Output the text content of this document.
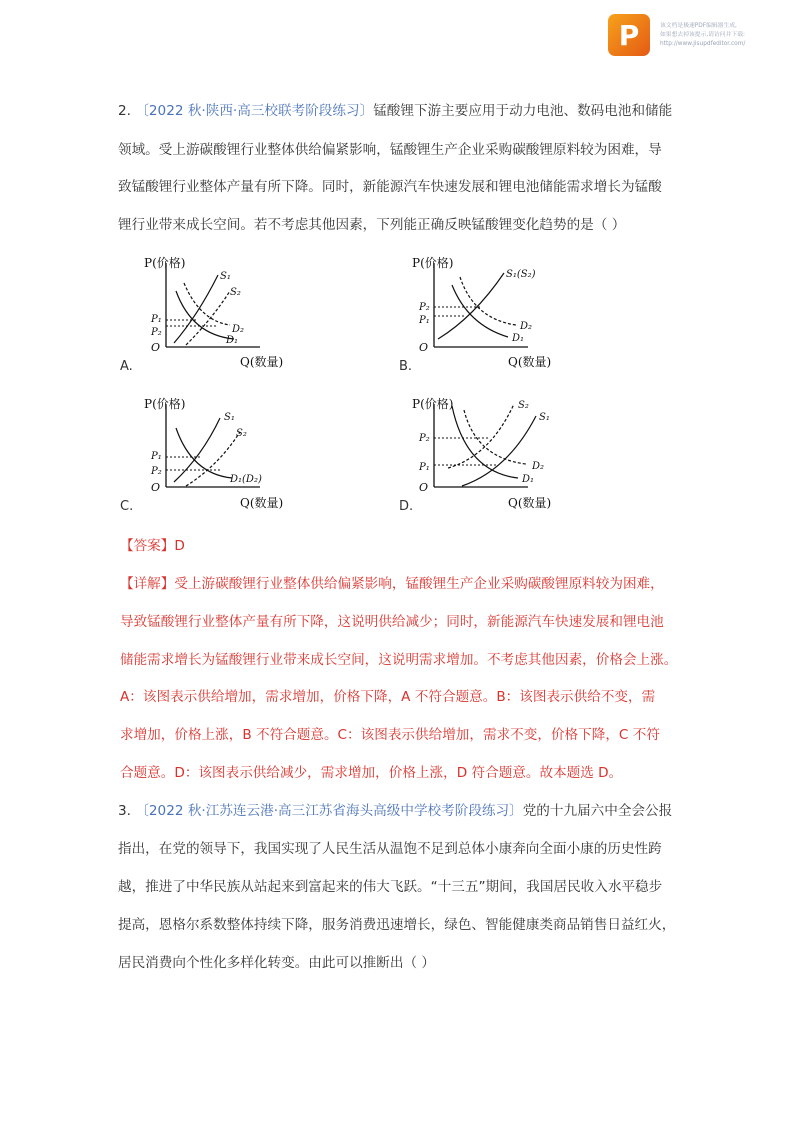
P	该文档是极速PDF编辑器生成,
如果想去掉该提示,请访问并下载:
http://www.jisupdfeditor.com/
2. 〔2022 秋·陕西·高三校联考阶段练习〕锰酸锂下游主要应用于动力电池、数码电池和储能
领域。受上游碳酸锂行业整体供给偏紧影响，锰酸锂生产企业采购碳酸锂原料较为困难，导
致锰酸锂行业整体产量有所下降。同时，新能源汽车快速发展和锂电池储能需求增长为锰酸
锂行业带来成长空间。若不考虑其他因素，下列能正确反映锰酸锂变化趋势的是（ ）
P(价格)
Q(数量)
O
P₁
P₂
S₁
S₂
D₂
D₁
A.
P(价格)
Q(数量)
O
P₂
P₁
S₁(S₂)
D₂
D₁
B.
P(价格)
Q(数量)
O
P₁
P₂
S₁
S₂
D₁(D₂)
C.
P(价格)
Q(数量)
O
P₂
P₁
S₂
S₁
D₂
D₁
D.
【答案】D
【详解】受上游碳酸锂行业整体供给偏紧影响，锰酸锂生产企业采购碳酸锂原料较为困难，
导致锰酸锂行业整体产量有所下降，这说明供给减少；同时，新能源汽车快速发展和锂电池
储能需求增长为锰酸锂行业带来成长空间，这说明需求增加。不考虑其他因素，价格会上涨。
A：该图表示供给增加，需求增加，价格下降，A 不符合题意。B：该图表示供给不变，需
求增加，价格上涨，B 不符合题意。C：该图表示供给增加，需求不变，价格下降，C 不符
合题意。D：该图表示供给减少，需求增加，价格上涨，D 符合题意。故本题选 D。
3. 〔2022 秋·江苏连云港·高三江苏省海头高级中学校考阶段练习〕党的十九届六中全会公报
指出，在党的领导下，我国实现了人民生活从温饱不足到总体小康奔向全面小康的历史性跨
越，推进了中华民族从站起来到富起来的伟大飞跃。“十三五”期间，我国居民收入水平稳步
提高，恩格尔系数整体持续下降，服务消费迅速增长，绿色、智能健康类商品销售日益红火，
居民消费向个性化多样化转变。由此可以推断出（ ）
